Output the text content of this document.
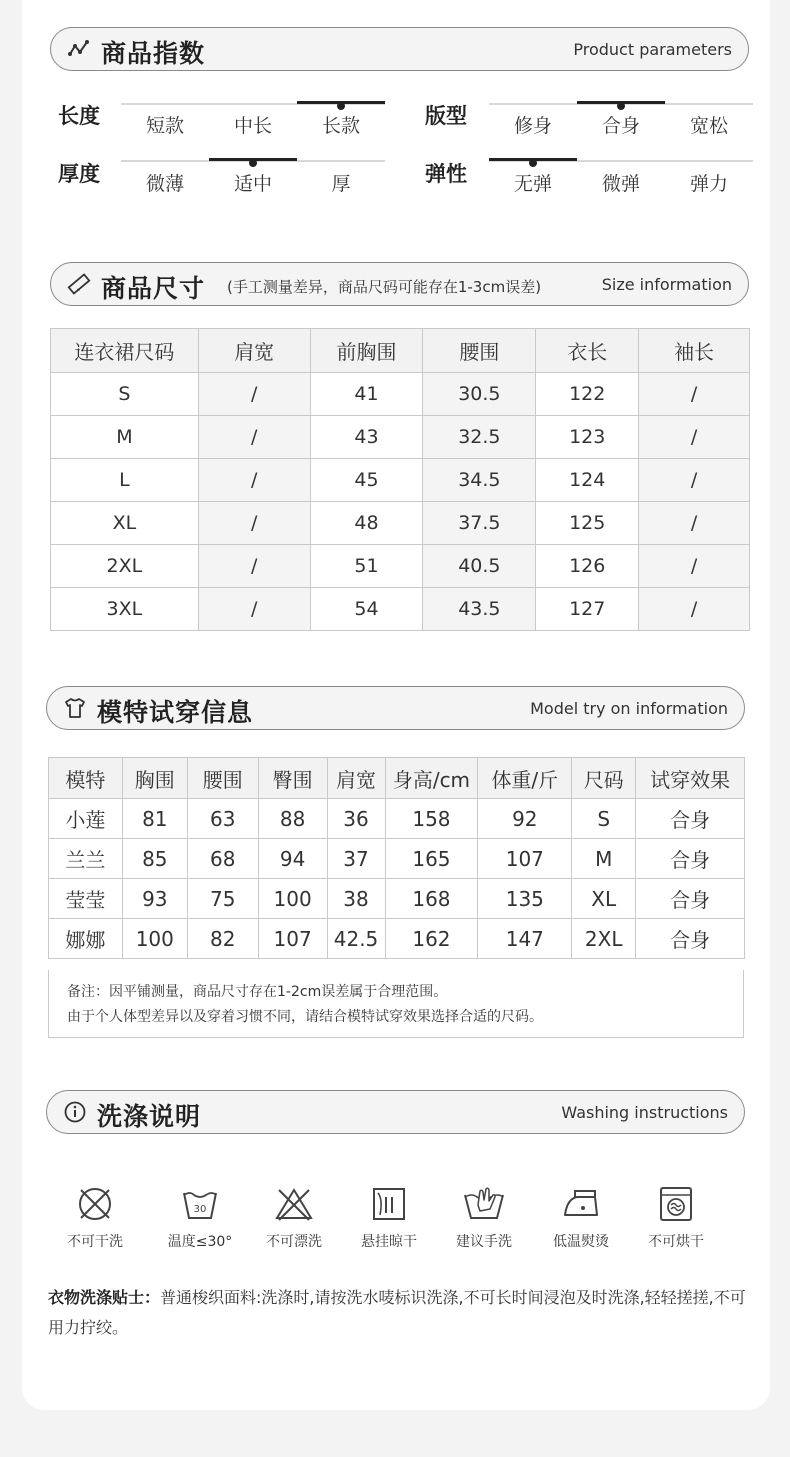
商品指数	Product parameters
长度	短款	中长	长款	版型	修身	合身	宽松
厚度	微薄	适中	厚	弹性	无弹	微弹	弹力
商品尺寸 (手工测量差异，商品尺码可能存在1-3cm误差)	Size information
连衣裙尺码	肩宽	前胸围	腰围	衣长	袖长
S	/	41	30.5	122	/
M	/	43	32.5	123	/
L	/	45	34.5	124	/
XL	/	48	37.5	125	/
2XL	/	51	40.5	126	/
3XL	/	54	43.5	127	/
模特试穿信息	Model try on information
模特	胸围	腰围	臀围	肩宽	身高/cm	体重/斤	尺码	试穿效果
小莲	81	63	88	36	158	92	S	合身
兰兰	85	68	94	37	165	107	M	合身
莹莹	93	75	100	38	168	135	XL	合身
娜娜	100	82	107	42.5	162	147	2XL	合身
备注：因平铺测量，商品尺寸存在1-2cm误差属于合理范围。
由于个人体型差异以及穿着习惯不同，请结合模特试穿效果选择合适的尺码。
洗涤说明	Washing instructions
不可干洗
30
温度≤30°	不可漂洗	悬挂晾干	建议手洗	低温熨烫	不可烘干
衣物洗涤贴士：普通梭织面料:洗涤时,请按洗水唛标识洗涤,不可长时间浸泡及时洗涤,轻轻搓搓,不可用力拧绞。
